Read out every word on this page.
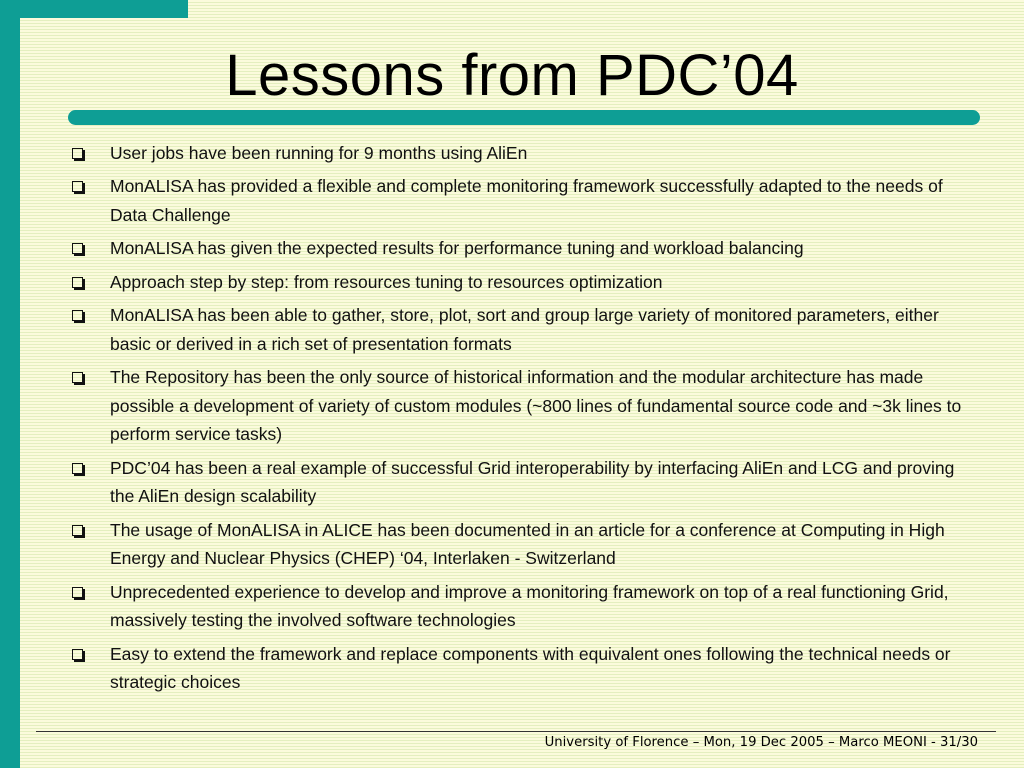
Lessons from PDC’04
User jobs have been running for 9 months using AliEn
MonALISA has provided a flexible and complete monitoring framework successfully adapted to the needs of Data Challenge
MonALISA has given the expected results for performance tuning and workload balancing
Approach step by step: from resources tuning to resources optimization
MonALISA has been able to gather, store, plot, sort and group large variety of monitored parameters, either basic or derived in a rich set of presentation formats
The Repository has been the only source of historical information and the modular architecture has made possible a development of variety of custom modules (~800 lines of fundamental source code and ~3k lines to perform service tasks)
PDC’04 has been a real example of successful Grid interoperability by interfacing AliEn and LCG and proving the AliEn design scalability
The usage of MonALISA in ALICE has been documented in an article for a conference at Computing in High Energy and Nuclear Physics (CHEP) ‘04, Interlaken - Switzerland
Unprecedented experience to develop and improve a monitoring framework on top of a real functioning Grid, massively testing the involved software technologies
Easy to extend the framework and replace components with equivalent ones following the technical needs or strategic choices
University of Florence – Mon, 19 Dec 2005 – Marco MEONI - 31/30
